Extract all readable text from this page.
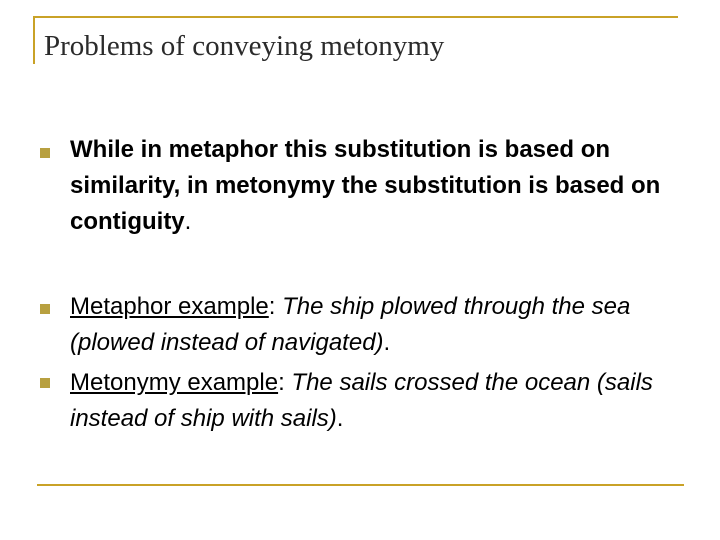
Problems of conveying metonymy
While in metaphor this substitution is based on similarity, in metonymy the substitution is based on contiguity.
Metaphor example: The ship plowed through the sea (plowed instead of navigated).
Metonymy example: The sails crossed the ocean (sails instead of ship with sails).
